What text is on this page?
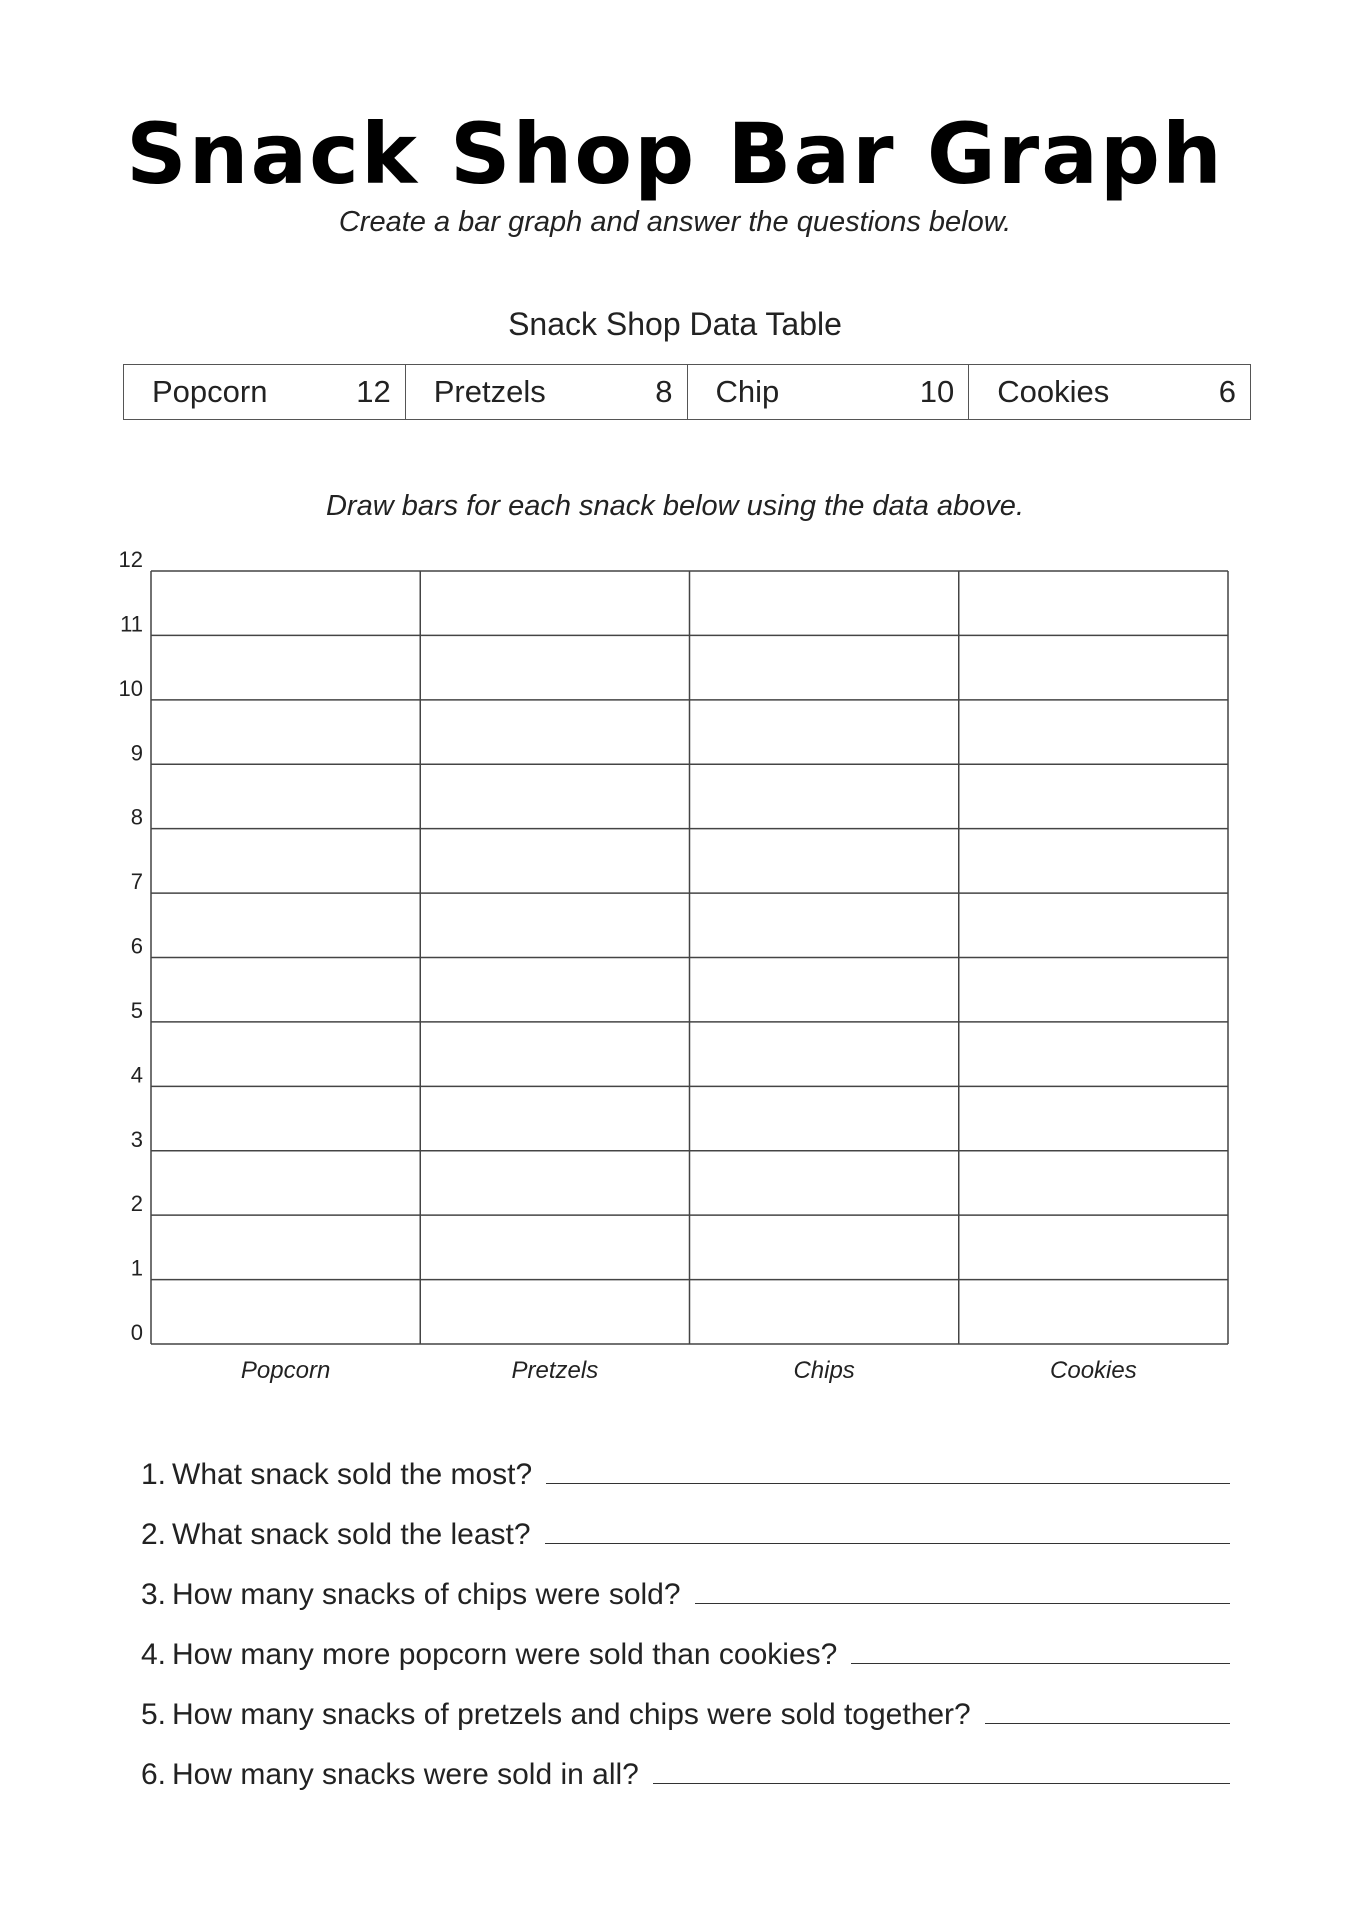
Snack Shop Bar Graph
Create a bar graph and answer the questions below.
Snack Shop Data Table
Popcorn	12 Pretzels	8 Chip	10 Cookies	6
Draw bars for each snack below using the data above.
0
1
2
3
4
5
6
7
8
9
10
11
12
Popcorn	Pretzels	Chips	Cookies
1. What snack sold the most?
2. What snack sold the least?
3. How many snacks of chips were sold?
4. How many more popcorn were sold than cookies?
5. How many snacks of pretzels and chips were sold together?
6. How many snacks were sold in all?
